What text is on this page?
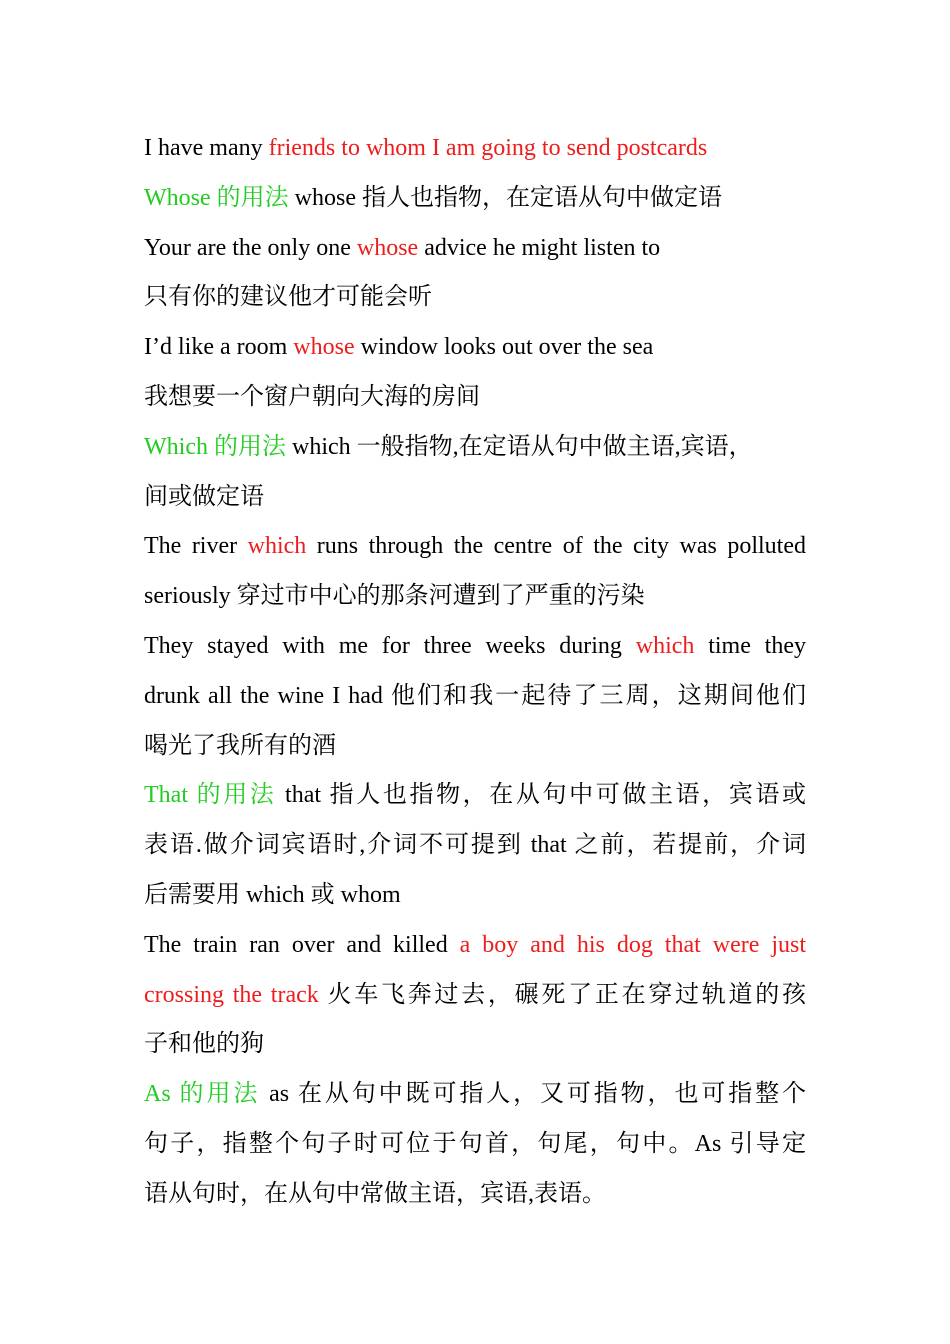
I have many friends to whom I am going to send postcards
Whose 的用法 whose 指人也指物，在定语从句中做定语
Your are the only one whose advice he might listen to
只有你的建议他才可能会听
I’d like a room whose window looks out over the sea
我想要一个窗户朝向大海的房间
Which 的用法 which 一般指物,在定语从句中做主语,宾语，
间或做定语
The river which runs through the centre of the city was polluted
seriously 穿过市中心的那条河遭到了严重的污染
They stayed with me for three weeks during which time they
drunk all the wine I had 他们和我一起待了三周，这期间他们
喝光了我所有的酒
That 的用法 that 指人也指物，在从句中可做主语，宾语或
表语.做介词宾语时,介词不可提到 that 之前，若提前，介词
后需要用 which 或 whom
The train ran over and killed a boy and his dog that were just
crossing the track 火车飞奔过去，碾死了正在穿过轨道的孩
子和他的狗
As 的用法 as 在从句中既可指人，又可指物，也可指整个
句子，指整个句子时可位于句首，句尾，句中。As 引导定
语从句时，在从句中常做主语，宾语,表语。
